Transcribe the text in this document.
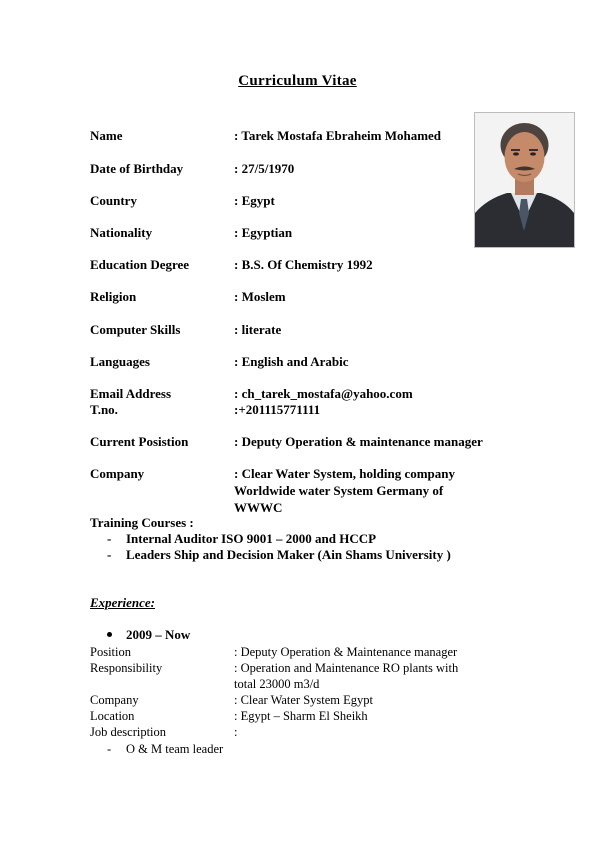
Curriculum Vitae
Name	: Tarek Mostafa Ebraheim Mohamed
Date of Birthday	: 27/5/1970
Country	: Egypt
Nationality	: Egyptian
Education Degree	: B.S. Of Chemistry 1992
Religion	: Moslem
Computer Skills	: literate
Languages	: English and Arabic
Email Address	: ch_tarek_mostafa@yahoo.com
T.no.	:+201115771111
Current Posistion	: Deputy Operation & maintenance manager
Company	: Clear Water System, holding company
Worldwide water System Germany of
WWWC
Training Courses :
- Internal Auditor ISO 9001 – 2000 and HCCP
- Leaders Ship and Decision Maker (Ain Shams University )
Experience:
2009 – Now
Position	: Deputy Operation & Maintenance manager
Responsibility	: Operation and Maintenance RO plants with
total 23000 m3/d
Company	: Clear Water System Egypt
Location	: Egypt – Sharm El Sheikh
Job description	:
- O & M team leader
